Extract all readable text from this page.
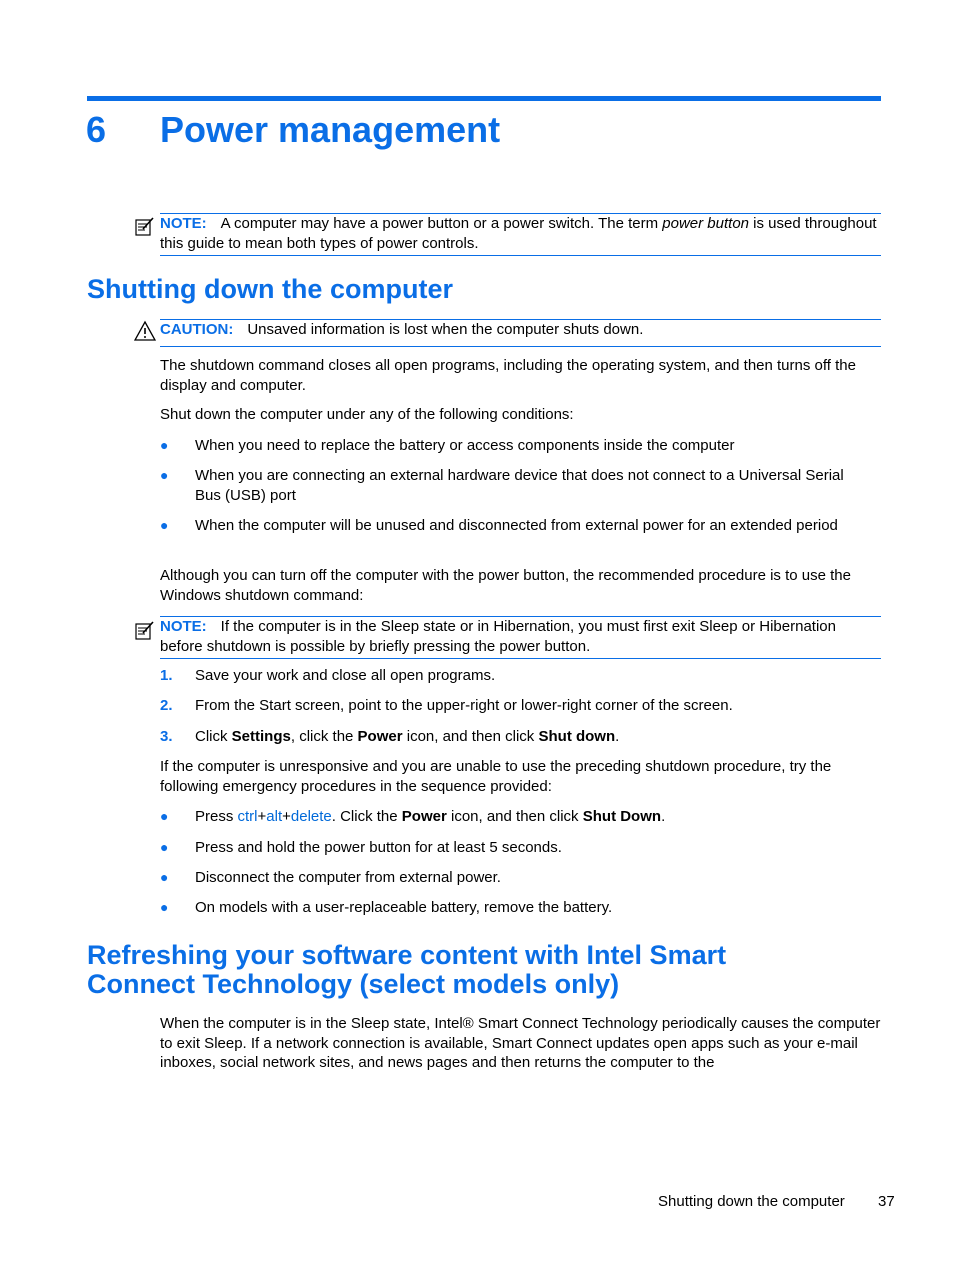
6 Power management
NOTE: A computer may have a power button or a power switch. The term power button is used throughout this guide to mean both types of power controls.
Shutting down the computer
CAUTION: Unsaved information is lost when the computer shuts down.
The shutdown command closes all open programs, including the operating system, and then turns off the display and computer.
Shut down the computer under any of the following conditions:
● When you need to replace the battery or access components inside the computer
● When you are connecting an external hardware device that does not connect to a Universal Serial Bus (USB) port
● When the computer will be unused and disconnected from external power for an extended period
Although you can turn off the computer with the power button, the recommended procedure is to use the Windows shutdown command:
NOTE: If the computer is in the Sleep state or in Hibernation, you must first exit Sleep or Hibernation before shutdown is possible by briefly pressing the power button.
1. Save your work and close all open programs.
2. From the Start screen, point to the upper-right or lower-right corner of the screen.
3. Click Settings, click the Power icon, and then click Shut down.
If the computer is unresponsive and you are unable to use the preceding shutdown procedure, try the following emergency procedures in the sequence provided:
● Press ctrl+alt+delete. Click the Power icon, and then click Shut Down.
● Press and hold the power button for at least 5 seconds.
● Disconnect the computer from external power.
● On models with a user-replaceable battery, remove the battery.
Refreshing your software content with Intel Smart
Connect Technology (select models only)
When the computer is in the Sleep state, Intel® Smart Connect Technology periodically causes the computer to exit Sleep. If a network connection is available, Smart Connect updates open apps such as your e-mail inboxes, social network sites, and news pages and then returns the computer to the
Shutting down the computer 37
